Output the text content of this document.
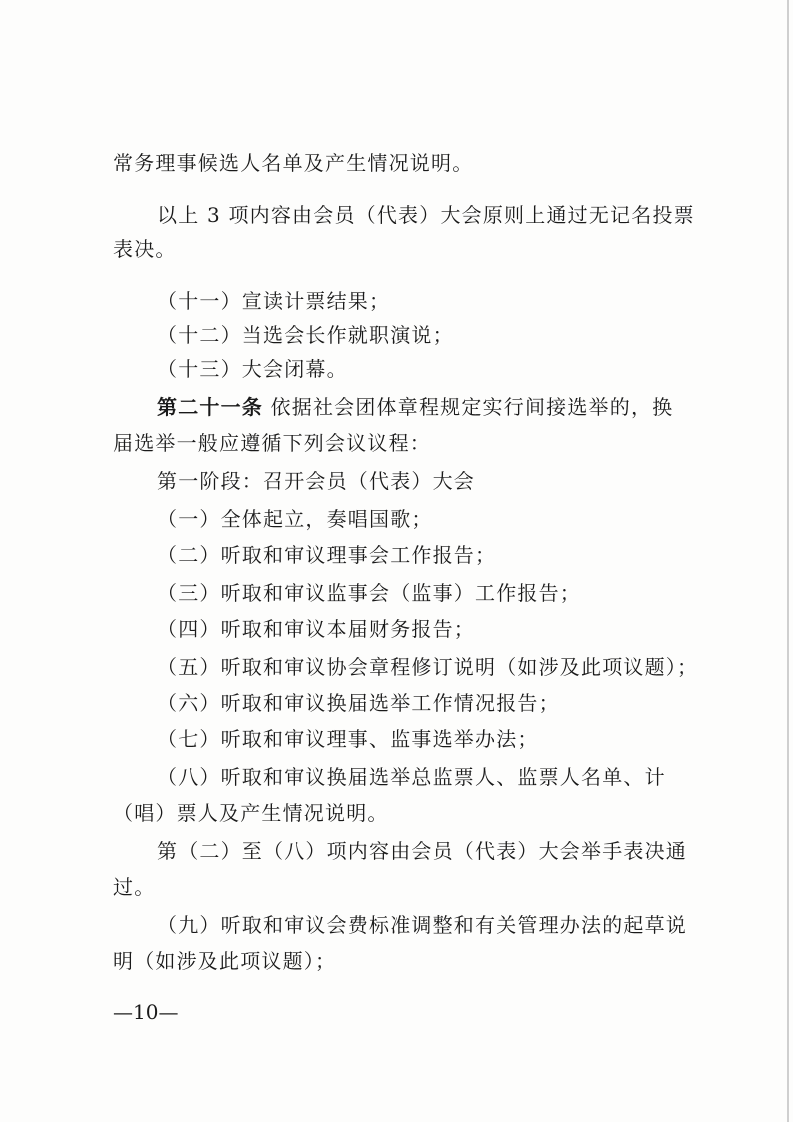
常务理事候选人名单及产生情况说明。
以上 3 项内容由会员（代表）大会原则上通过无记名投票
表决。
（十一）宣读计票结果；
（十二）当选会长作就职演说；
（十三）大会闭幕。
第二十一条 依据社会团体章程规定实行间接选举的，换
届选举一般应遵循下列会议议程：
第一阶段：召开会员（代表）大会
（一）全体起立，奏唱国歌；
（二）听取和审议理事会工作报告；
（三）听取和审议监事会（监事）工作报告；
（四）听取和审议本届财务报告；
（五）听取和审议协会章程修订说明（如涉及此项议题）；
（六）听取和审议换届选举工作情况报告；
（七）听取和审议理事、监事选举办法；
（八）听取和审议换届选举总监票人、监票人名单、计
（唱）票人及产生情况说明。
第（二）至（八）项内容由会员（代表）大会举手表决通
过。
（九）听取和审议会费标准调整和有关管理办法的起草说
明（如涉及此项议题）；
—10—
